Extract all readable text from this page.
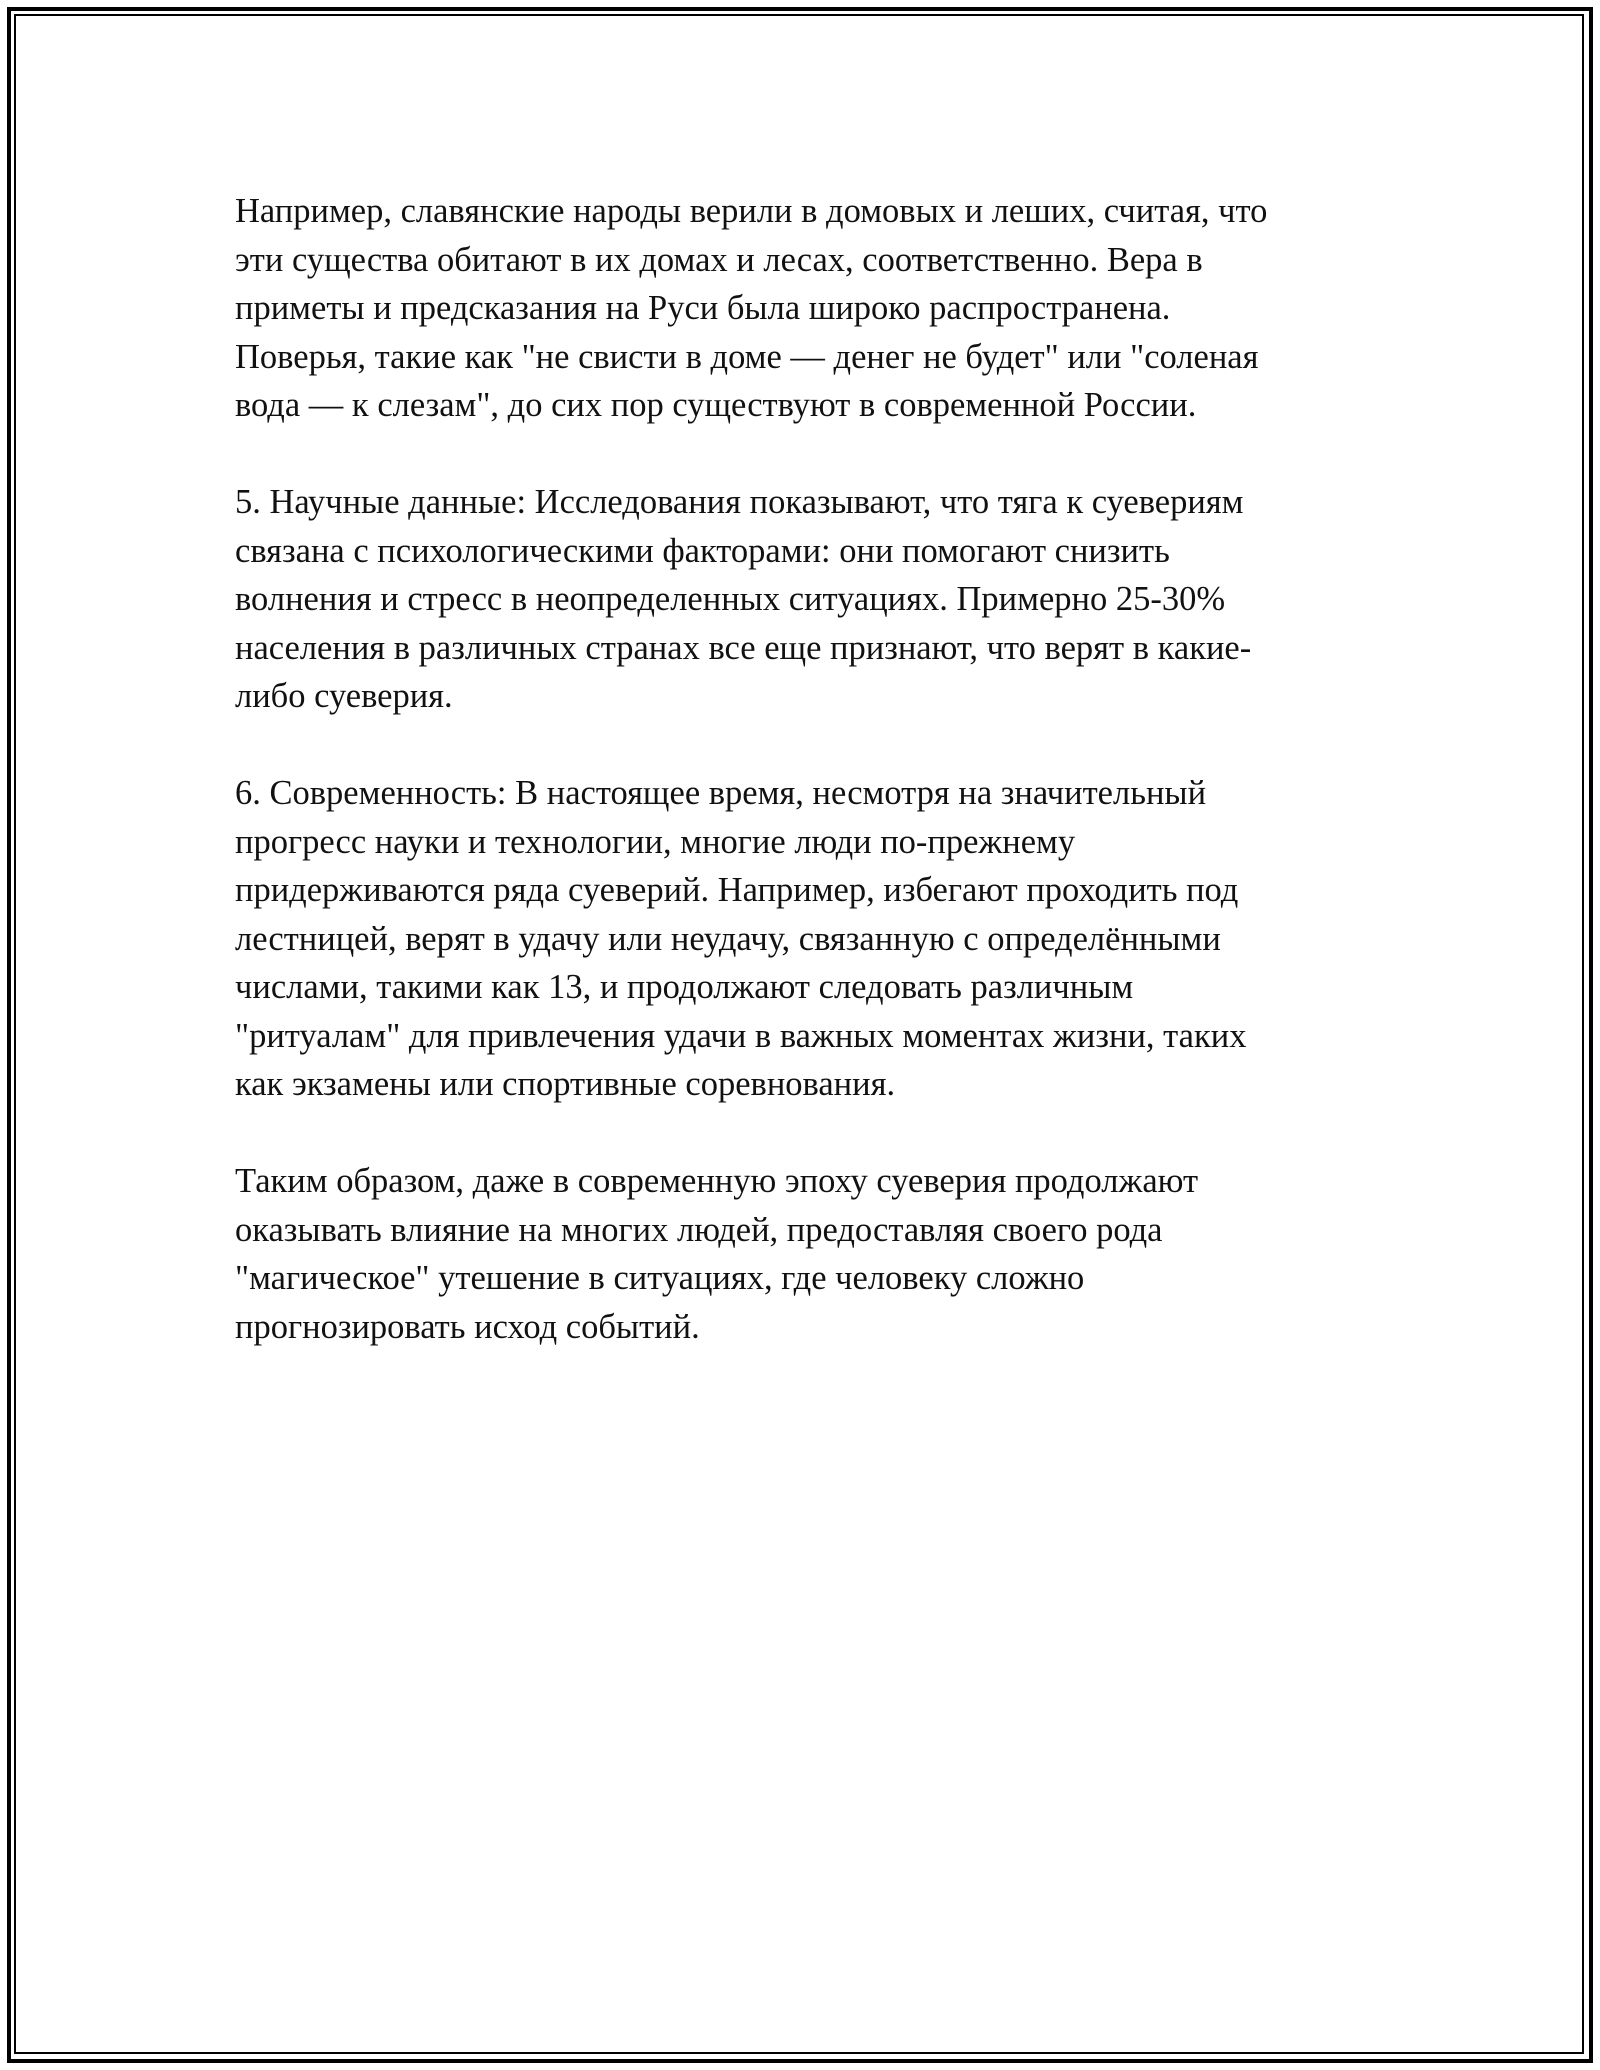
Например, славянские народы верили в домовых и леших, считая, что
эти существа обитают в их домах и лесах, соответственно. Вера в
приметы и предсказания на Руси была широко распространена.
Поверья, такие как "не свисти в доме — денег не будет" или "соленая
вода — к слезам", до сих пор существуют в современной России.

5. Научные данные: Исследования показывают, что тяга к суевериям
связана с психологическими факторами: они помогают снизить
волнения и стресс в неопределенных ситуациях. Примерно 25-30%
населения в различных странах все еще признают, что верят в какие-
либо суеверия.

6. Современность: В настоящее время, несмотря на значительный
прогресс науки и технологии, многие люди по-прежнему
придерживаются ряда суеверий. Например, избегают проходить под
лестницей, верят в удачу или неудачу, связанную с определёнными
числами, такими как 13, и продолжают следовать различным
"ритуалам" для привлечения удачи в важных моментах жизни, таких
как экзамены или спортивные соревнования.

Таким образом, даже в современную эпоху суеверия продолжают
оказывать влияние на многих людей, предоставляя своего рода
"магическое" утешение в ситуациях, где человеку сложно
прогнозировать исход событий.
